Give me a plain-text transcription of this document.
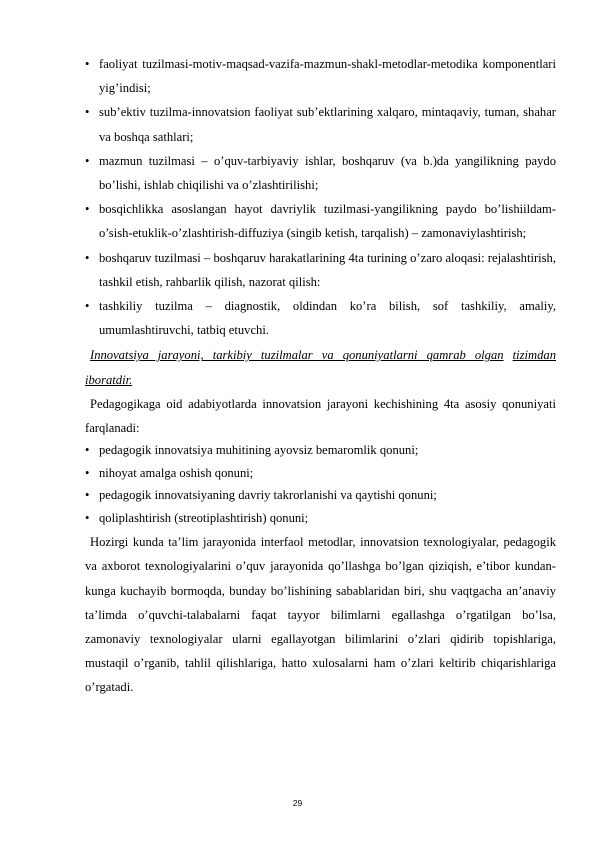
• faoliyat tuzilmasi-motiv-maqsad-vazifa-mazmun-shakl-metodlar-metodika komponentlari yig’indisi;
• sub’ektiv tuzilma-innovatsion faoliyat sub’ektlarining xalqaro, mintaqaviy, tuman, shahar va boshqa sathlari;
• mazmun tuzilmasi – o’quv-tarbiyaviy ishlar, boshqaruv (va b.)da yangilikning paydo bo’lishi, ishlab chiqilishi va o’zlashtirilishi;
• bosqichlikka asoslangan hayot davriylik tuzilmasi-yangilikning paydo bo’lishiildam-o’sish-etuklik-o’zlashtirish-diffuziya (singib ketish, tarqalish) – zamonaviylashtirish;
• boshqaruv tuzilmasi – boshqaruv harakatlarining 4ta turining o’zaro aloqasi: rejalashtirish, tashkil etish, rahbarlik qilish, nazorat qilish:
• tashkiliy tuzilma – diagnostik, oldindan ko’ra bilish, sof tashkiliy, amaliy, umumlashtiruvchi, tatbiq etuvchi.

Innovatsiya jarayoni, tarkibiy tuzilmalar va qonuniyatlarni qamrab olgan tizimdan iboratdir.

Pedagogikaga oid adabiyotlarda innovatsion jarayoni kechishining 4ta asosiy qonuniyati farqlanadi:

• pedagogik innovatsiya muhitining ayovsiz bemaromlik qonuni;
• nihoyat amalga oshish qonuni;
• pedagogik innovatsiyaning davriy takrorlanishi va qaytishi qonuni;
• qoliplashtirish (streotiplashtirish) qonuni;

Hozirgi kunda ta’lim jarayonida interfaol metodlar, innovatsion texnologiyalar, pedagogik va axborot texnologiyalarini o’quv jarayonida qo’llashga bo’lgan qiziqish, e’tibor kundan-kunga kuchayib bormoqda, bunday bo’lishining sabablaridan biri, shu vaqtgacha an’anaviy ta’limda o’quvchi-talabalarni faqat tayyor bilimlarni egallashga o’rgatilgan bo’lsa, zamonaviy texnologiyalar ularni egallayotgan bilimlarini o’zlari qidirib topishlariga, mustaqil o’rganib, tahlil qilishlariga, hatto xulosalarni ham o’zlari keltirib chiqarishlariga o’rgatadi.

29
